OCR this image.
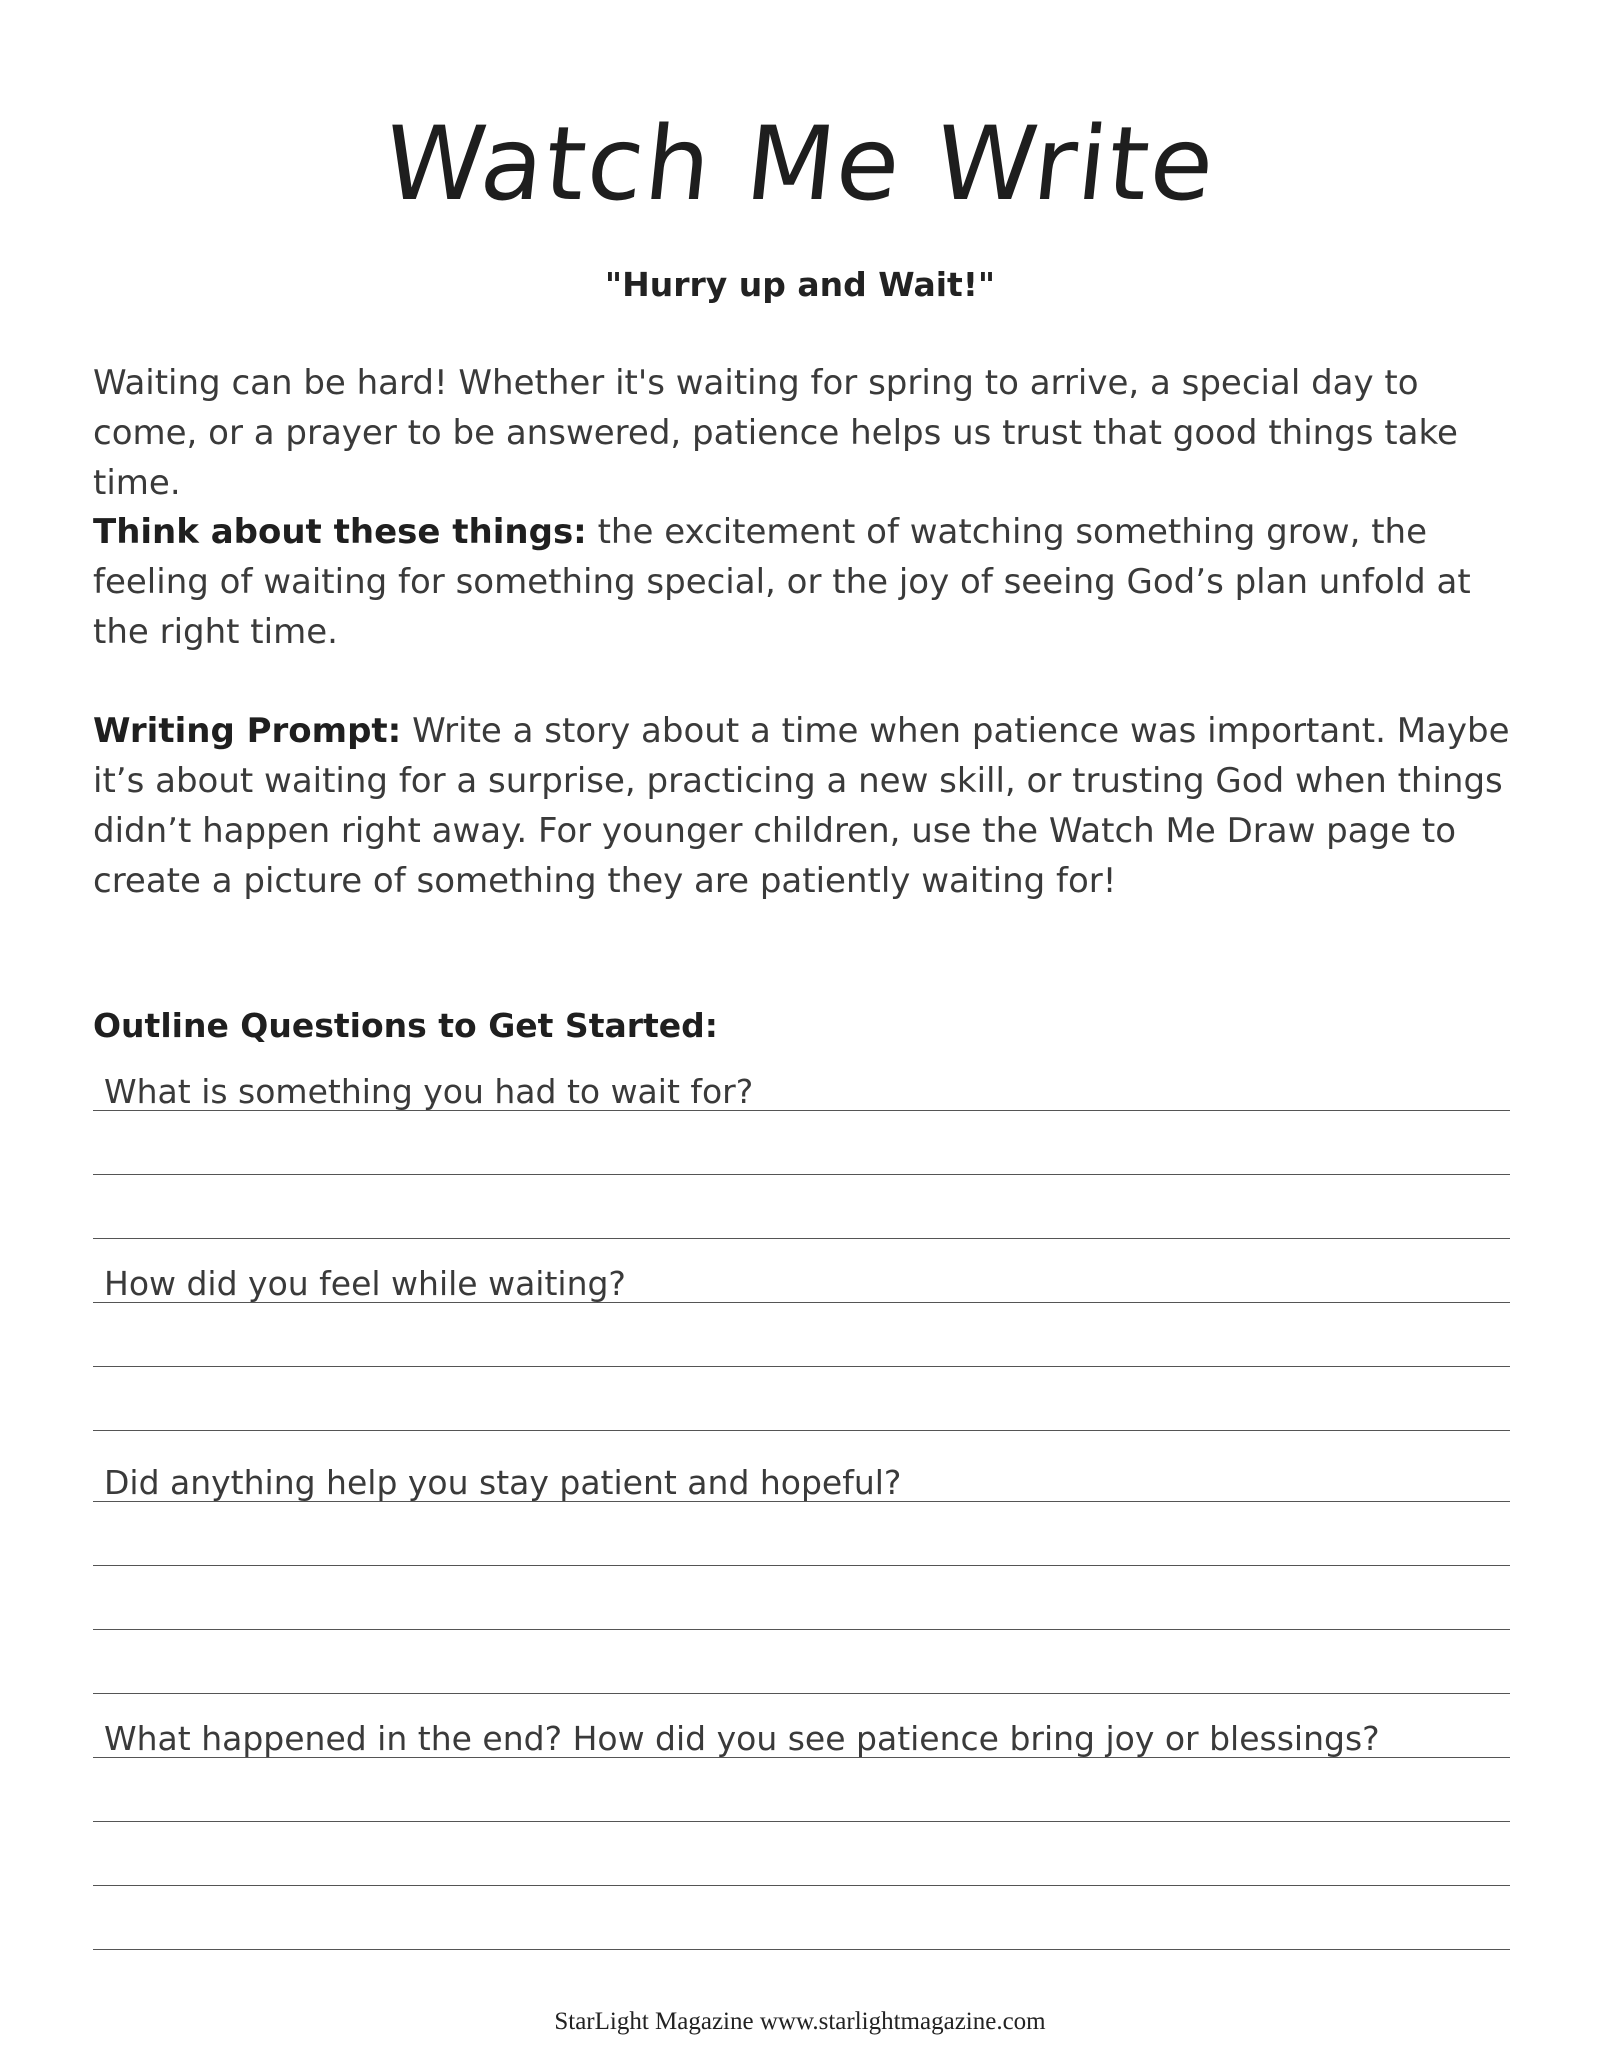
Watch Me Write
"Hurry up and Wait!"

Waiting can be hard! Whether it's waiting for spring to arrive, a special day to come, or a prayer to be answered, patience helps us trust that good things take time.

Think about these things: the excitement of watching something grow, the feeling of waiting for something special, or the joy of seeing God’s plan unfold at the right time.

Writing Prompt: Write a story about a time when patience was important. Maybe it’s about waiting for a surprise, practicing a new skill, or trusting God when things didn’t happen right away. For younger children, use the Watch Me Draw page to create a picture of something they are patiently waiting for!

Outline Questions to Get Started:
What is something you had to wait for?
How did you feel while waiting?
Did anything help you stay patient and hopeful?
What happened in the end? How did you see patience bring joy or blessings?
StarLight Magazine www.starlightmagazine.com
